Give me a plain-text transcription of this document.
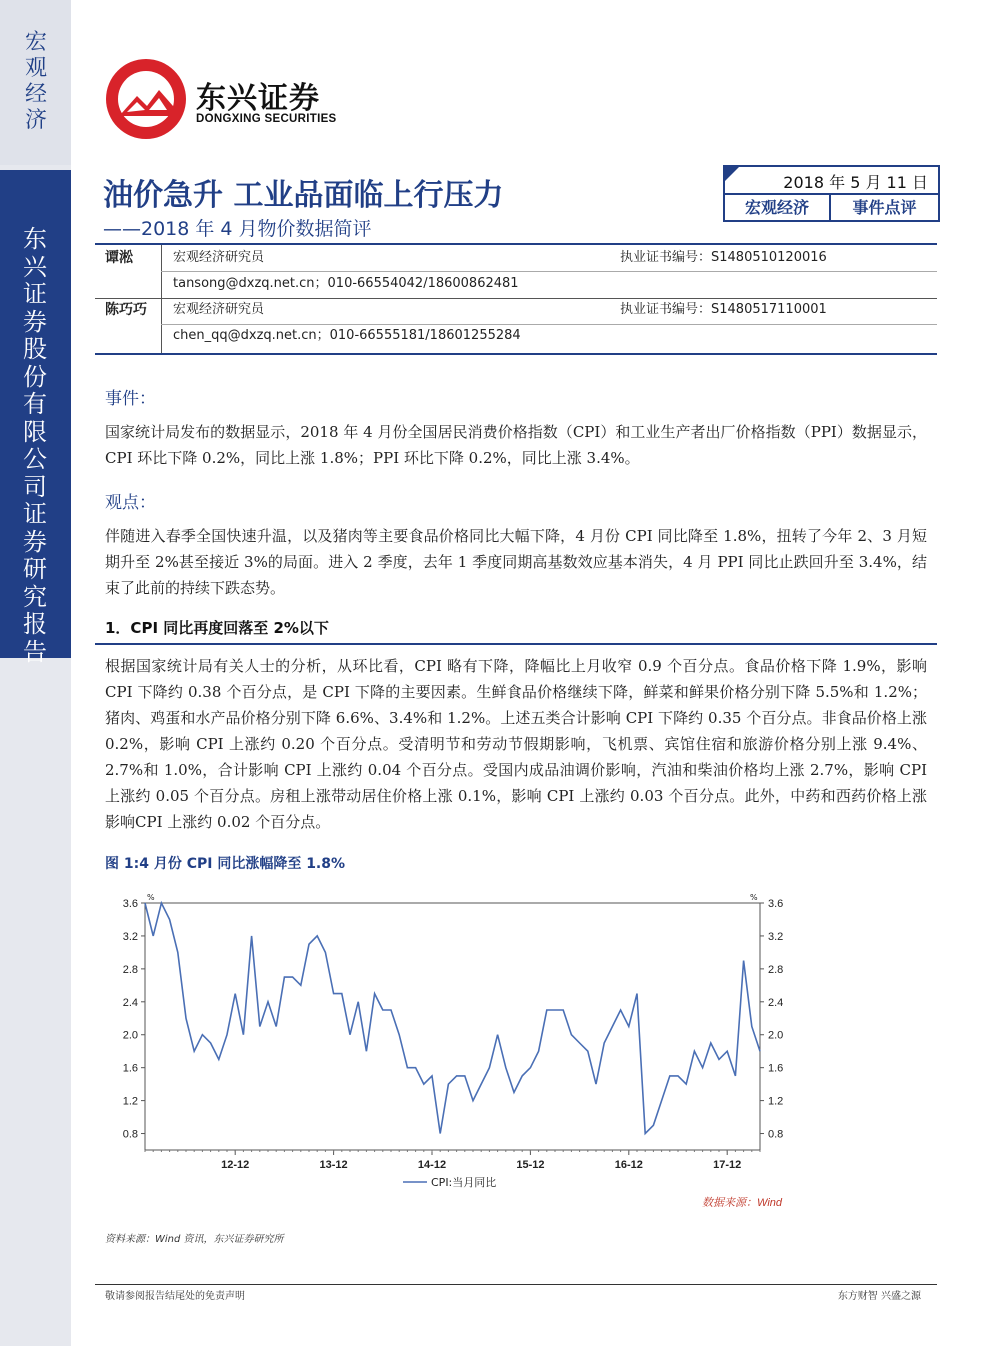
宏观经济
东兴证券股份有限公司证券研究报告
东兴证券
DONGXING SECURITIES
油价急升 工业品面临上行压力
——2018 年 4 月物价数据简评
2018 年 5 月 11 日
宏观经济	事件点评
谭淞	宏观经济研究员	执业证书编号：S1480510120016
tansong@dxzq.net.cn；010-66554042/18600862481
陈巧巧 宏观经济研究员	执业证书编号：S1480517110001
chen_qq@dxzq.net.cn；010-66555181/18601255284
事件：
国家统计局发布的数据显示，2018 年 4 月份全国居民消费价格指数（CPI）和工业生产者出厂价格指数（PPI）数据显示，CPI 环比下降 0.2%，同比上涨 1.8%；PPI 环比下降 0.2%，同比上涨 3.4%。
观点：
伴随进入春季全国快速升温，以及猪肉等主要食品价格同比大幅下降，4 月份 CPI 同比降至 1.8%，扭转了今年 2、3 月短期升至 2%甚至接近 3%的局面。进入 2 季度，去年 1 季度同期高基数效应基本消失，4 月 PPI 同比止跌回升至 3.4%，结束了此前的持续下跌态势。
1．CPI 同比再度回落至 2%以下
根据国家统计局有关人士的分析，从环比看，CPI 略有下降，降幅比上月收窄 0.9 个百分点。食品价格下降 1.9%，影响 CPI 下降约 0.38 个百分点，是 CPI 下降的主要因素。生鲜食品价格继续下降，鲜菜和鲜果价格分别下降 5.5%和 1.2%；猪肉、鸡蛋和水产品价格分别下降 6.6%、3.4%和 1.2%。上述五类合计影响 CPI 下降约 0.35 个百分点。非食品价格上涨 0.2%，影响 CPI 上涨约 0.20 个百分点。受清明节和劳动节假期影响，飞机票、宾馆住宿和旅游价格分别上涨 9.4%、2.7%和 1.0%，合计影响 CPI 上涨约 0.04 个百分点。受国内成品油调价影响，汽油和柴油价格均上涨 2.7%，影响 CPI 上涨约 0.05 个百分点。房租上涨带动居住价格上涨 0.1%，影响 CPI 上涨约 0.03 个百分点。此外，中药和西药价格上涨影响CPI 上涨约 0.02 个百分点。
图 1:4 月份 CPI 同比涨幅降至 1.8%
3.6	3.6
3.2	3.2
2.8	2.8
2.4	2.4
2.0	2.0
1.6	1.6
1.2	1.2
0.8	0.8
%	%
12-12	13-12	14-12	15-12	16-12	17-12
CPI:当月同比
数据来源：Wind
资料来源：Wind 资讯，东兴证券研究所
敬请参阅报告结尾处的免责声明	东方财智 兴盛之源
